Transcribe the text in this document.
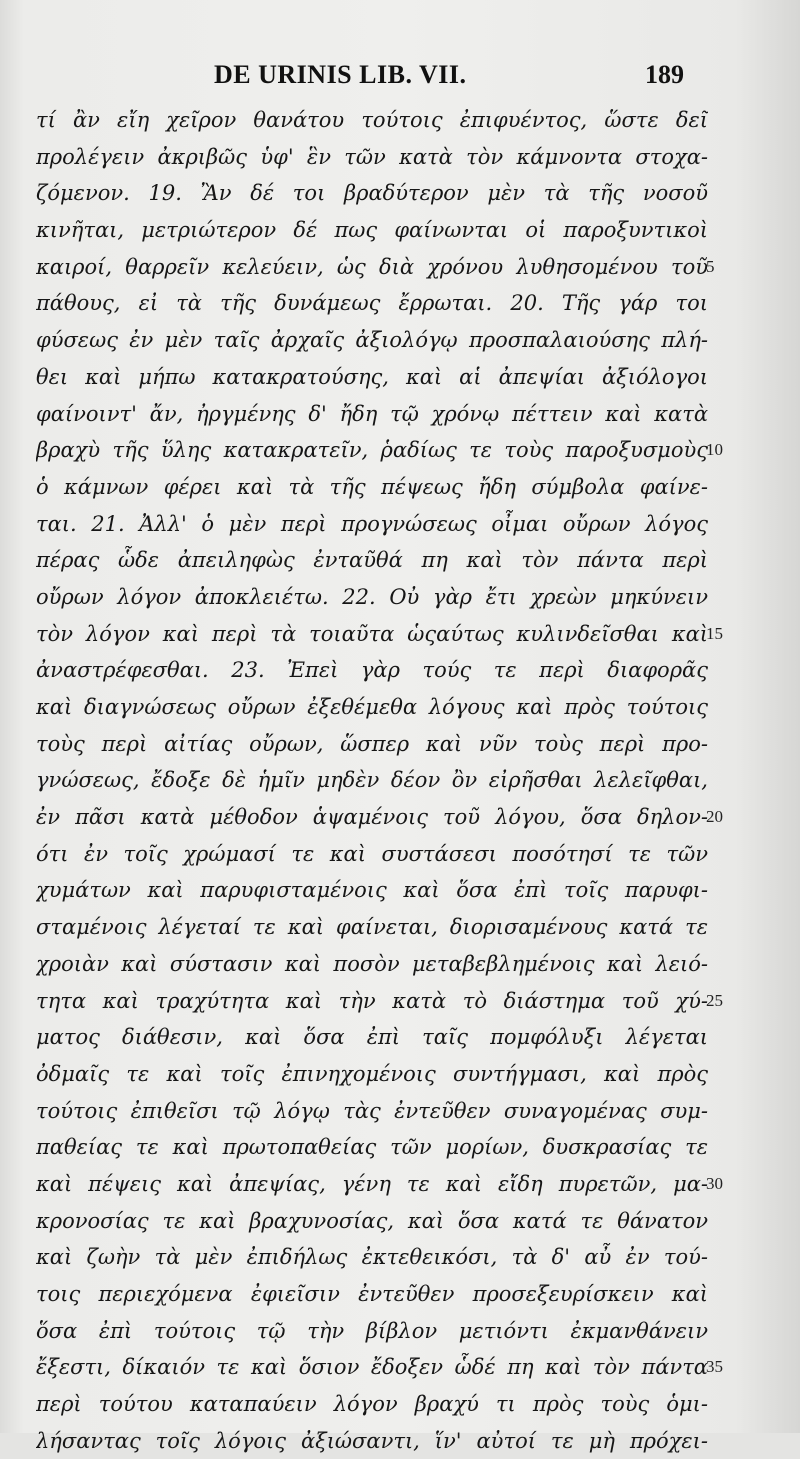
DE URINIS LIB. VII.	189
τί ἂν εἴη χεῖρον θανάτου τούτοις ἐπιφυέντος, ὥστε δεῖ
προλέγειν ἀκριβῶς ὑφ' ἓν τῶν κατὰ τὸν κάμνοντα στοχα-
ζόμενον. 19. Ἂν δέ τοι βραδύτερον μὲν τὰ τῆς νοσοῦ
κινῆται, μετριώτερον δέ πως φαίνωνται οἱ παροξυντικοὶ
καιροί, θαρρεῖν κελεύειν, ὡς διὰ χρόνου λυθησομένου τοῦ
5
πάθους, εἰ τὰ τῆς δυνάμεως ἔρρωται. 20. Τῆς γάρ τοι
φύσεως ἐν μὲν ταῖς ἀρχαῖς ἀξιολόγῳ προσπαλαιούσης πλή-
θει καὶ μήπω κατακρατούσης, καὶ αἱ ἀπεψίαι ἀξιόλογοι
φαίνοιντ' ἄν, ἠργμένης δ' ἤδη τῷ χρόνῳ πέττειν καὶ κατὰ
βραχὺ τῆς ὕλης κατακρατεῖν, ῥαδίως τε τοὺς παροξυσμοὺς
10
ὁ κάμνων φέρει καὶ τὰ τῆς πέψεως ἤδη σύμβολα φαίνε-
ται. 21. Ἀλλ' ὁ μὲν περὶ προγνώσεως οἶμαι οὔρων λόγος
πέρας ὧδε ἀπειληφὼς ἐνταῦθά πη καὶ τὸν πάντα περὶ
οὔρων λόγον ἀποκλειέτω. 22. Οὐ γὰρ ἔτι χρεὼν μηκύνειν
τὸν λόγον καὶ περὶ τὰ τοιαῦτα ὡςαύτως κυλινδεῖσθαι καὶ
15
ἀναστρέφεσθαι. 23. Ἐπεὶ γὰρ τούς τε περὶ διαφορᾶς
καὶ διαγνώσεως οὔρων ἐξεθέμεθα λόγους καὶ πρὸς τούτοις
τοὺς περὶ αἰτίας οὔρων, ὥσπερ καὶ νῦν τοὺς περὶ προ-
γνώσεως, ἔδοξε δὲ ἡμῖν μηδὲν δέον ὂν εἰρῆσθαι λελεῖφθαι,
ἐν πᾶσι κατὰ μέθοδον ἁψαμένοις τοῦ λόγου, ὅσα δηλον-
20
ότι ἐν τοῖς χρώμασί τε καὶ συστάσεσι ποσότησί τε τῶν
χυμάτων καὶ παρυφισταμένοις καὶ ὅσα ἐπὶ τοῖς παρυφι-
σταμένοις λέγεταί τε καὶ φαίνεται, διορισαμένους κατά τε
χροιὰν καὶ σύστασιν καὶ ποσὸν μεταβεβλημένοις καὶ λειό-
τητα καὶ τραχύτητα καὶ τὴν κατὰ τὸ διάστημα τοῦ χύ-
25
ματος διάθεσιν, καὶ ὅσα ἐπὶ ταῖς πομφόλυξι λέγεται
ὀδμαῖς τε καὶ τοῖς ἐπινηχομένοις συντήγμασι, καὶ πρὸς
τούτοις ἐπιθεῖσι τῷ λόγῳ τὰς ἐντεῦθεν συναγομένας συμ-
παθείας τε καὶ πρωτοπαθείας τῶν μορίων, δυσκρασίας τε
καὶ πέψεις καὶ ἀπεψίας, γένη τε καὶ εἴδη πυρετῶν, μα-
30
κρονοσίας τε καὶ βραχυνοσίας, καὶ ὅσα κατά τε θάνατον
καὶ ζωὴν τὰ μὲν ἐπιδήλως ἐκτεθεικόσι, τὰ δ' αὖ ἐν τού-
τοις περιεχόμενα ἐφιεῖσιν ἐντεῦθεν προσεξευρίσκειν καὶ
ὅσα ἐπὶ τούτοις τῷ τὴν βίβλον μετιόντι ἐκμανθάνειν
ἔξεστι, δίκαιόν τε καὶ ὅσιον ἔδοξεν ὧδέ πη καὶ τὸν πάντα
35
περὶ τούτου καταπαύειν λόγον βραχύ τι πρὸς τοὺς ὁμι-
λήσαντας τοῖς λόγοις ἀξιώσαντι, ἵν' αὐτοί τε μὴ πρόχει-
